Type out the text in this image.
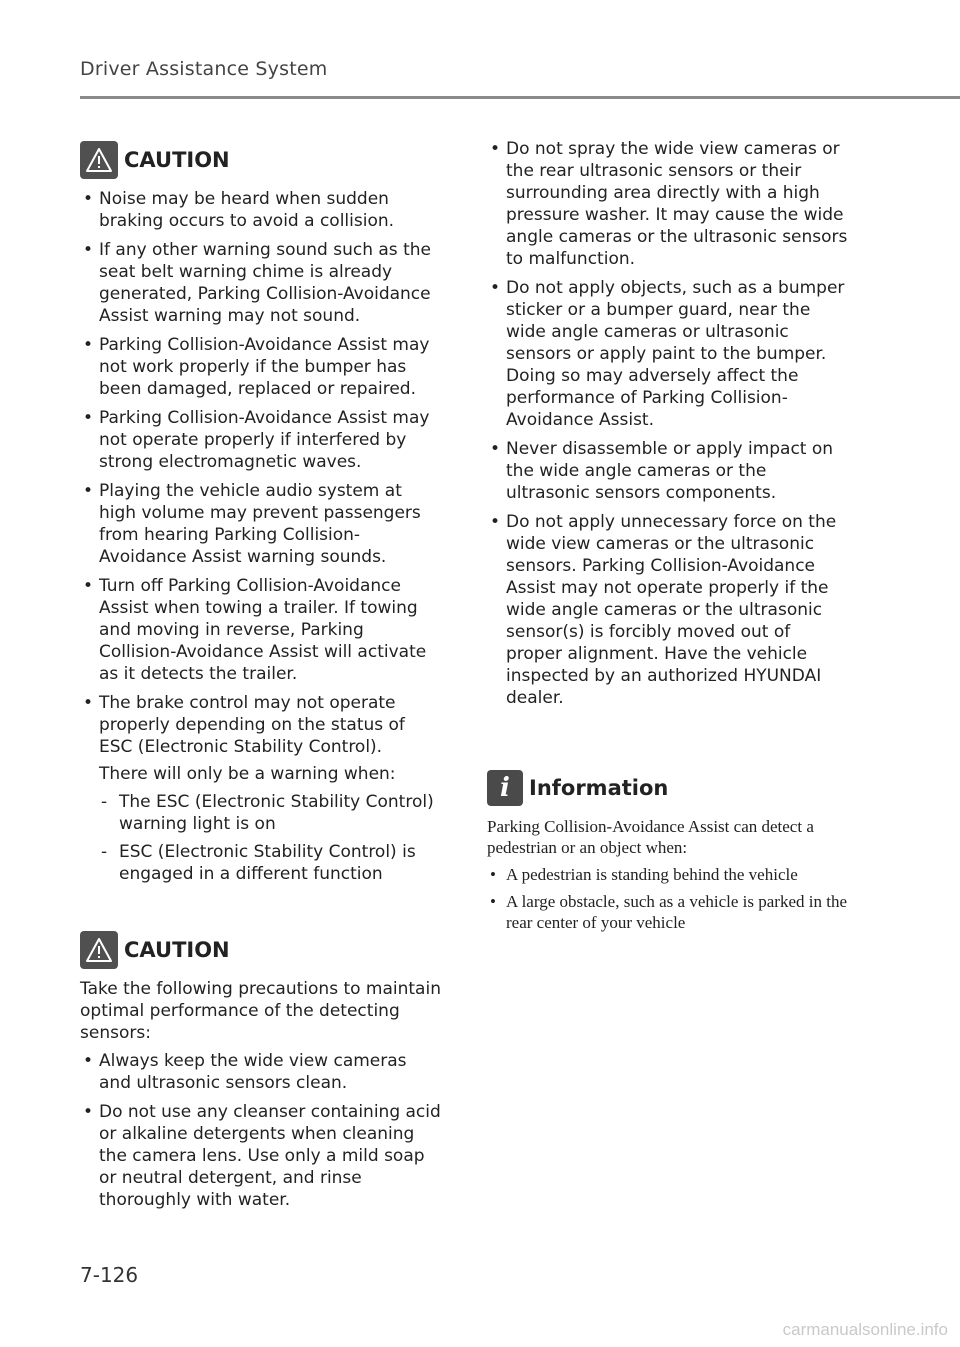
Driver Assistance System
CAUTION
• Noise may be heard when sudden braking occurs to avoid a collision.
• If any other warning sound such as the seat belt warning chime is already generated, Parking Collision-Avoidance Assist warning may not sound.
• Parking Collision-Avoidance Assist may not work properly if the bumper has been damaged, replaced or repaired.
• Parking Collision-Avoidance Assist may not operate properly if interfered by strong electromagnetic waves.
• Playing the vehicle audio system at high volume may prevent passengers from hearing Parking Collision-Avoidance Assist warning sounds.
• Turn off Parking Collision-Avoidance Assist when towing a trailer. If towing and moving in reverse, Parking Collision-Avoidance Assist will activate as it detects the trailer.
• The brake control may not operate properly depending on the status of ESC (Electronic Stability Control).
There will only be a warning when:
- The ESC (Electronic Stability Control) warning light is on
- ESC (Electronic Stability Control) is engaged in a different function
CAUTION

Take the following precautions to maintain optimal performance of the detecting sensors:

• Always keep the wide view cameras and ultrasonic sensors clean.
• Do not use any cleanser containing acid or alkaline detergents when cleaning the camera lens. Use only a mild soap or neutral detergent, and rinse thoroughly with water.
• Do not spray the wide view cameras or the rear ultrasonic sensors or their surrounding area directly with a high pressure washer. It may cause the wide angle cameras or the ultrasonic sensors to malfunction.
• Do not apply objects, such as a bumper sticker or a bumper guard, near the wide angle cameras or ultrasonic sensors or apply paint to the bumper. Doing so may adversely affect the performance of Parking Collision-Avoidance Assist.
• Never disassemble or apply impact on the wide angle cameras or the ultrasonic sensors components.
• Do not apply unnecessary force on the wide view cameras or the ultrasonic sensors. Parking Collision-Avoidance Assist may not operate properly if the wide angle cameras or the ultrasonic sensor(s) is forcibly moved out of proper alignment. Have the vehicle inspected by an authorized HYUNDAI dealer.
i Information

Parking Collision-Avoidance Assist can detect a pedestrian or an object when:

• A pedestrian is standing behind the vehicle
• A large obstacle, such as a vehicle is parked in the rear center of your vehicle
7-126
carmanualsonline.info
